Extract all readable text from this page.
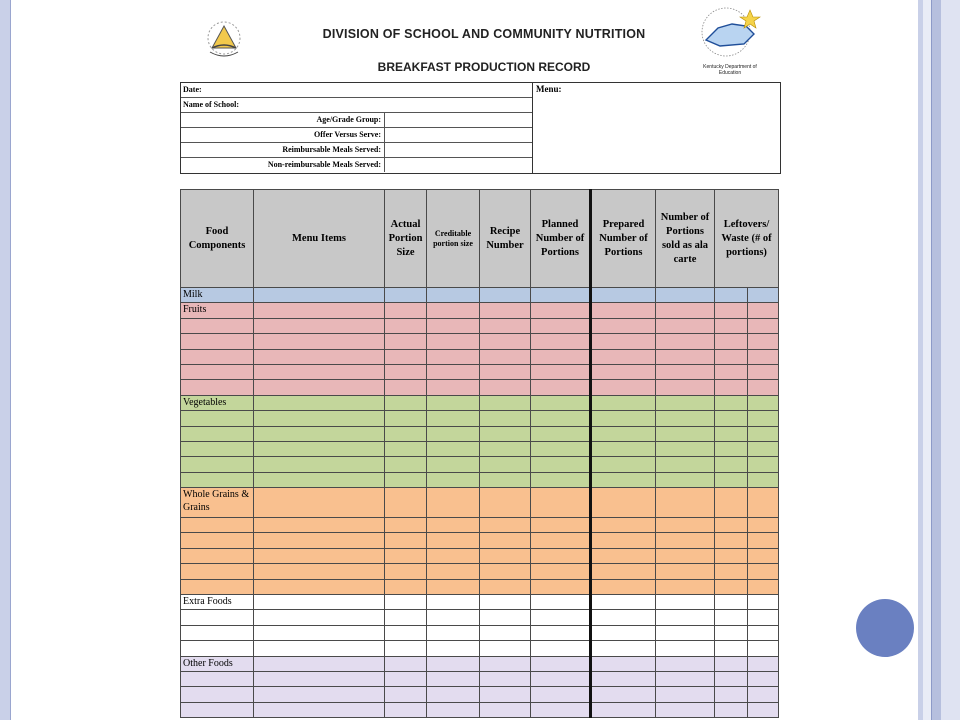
DIVISION OF SCHOOL AND COMMUNITY NUTRITION
BREAKFAST PRODUCTION RECORD	Kentucky Department of Education
Date:
Name of School:
Age/Grade Group:
Offer Versus Serve:
Reimbursable Meals Served:
Non-reimbursable Meals Served:
Menu:
Food Components	Menu Items	Actual Portion Size	Creditable portion size	Recipe Number	Planned Number of Portions	Prepared Number of Portions	Number of Portions sold as ala carte	Leftovers/ Waste (# of portions)	
Milk									
Fruits									

Vegetables									

Whole Grains & Grains									

Extra Foods									

Other Foods									
